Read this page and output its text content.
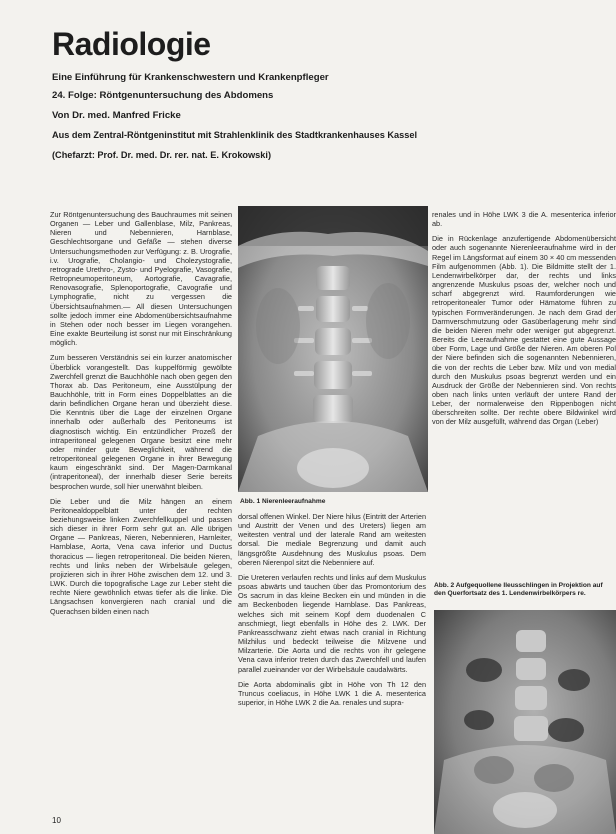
Radiologie

Eine Einführung für Krankenschwestern und Krankenpfleger

24. Folge: Röntgenuntersuchung des Abdomens

Von Dr. med. Manfred Fricke

Aus dem Zentral-Röntgeninstitut mit Strahlenklinik des Stadtkrankenhauses Kassel

(Chefarzt: Prof. Dr. med. Dr. rer. nat. E. Krokowski)

Zur Röntgenuntersuchung des Bauchraumes mit seinen Organen — Leber und Gallenblase, Milz, Pankreas, Nieren und Nebennieren, Harnblase, Geschlechtsorgane und Gefäße — stehen diverse Untersuchungsmethoden zur Verfügung: z. B. Urografie, i.v. Urografie, Cholangio- und Cholezystografie, retrograde Urethro-, Zysto- und Pyelografie, Vasografie, Retropneumoperitoneum, Aortografie, Cavagrafie, Renovasografie, Splenoportografie, Cavografie und Lymphografie, nicht zu vergessen die Übersichtsaufnahmen.— All diesen Untersuchungen sollte jedoch immer eine Abdomenübersichtsaufnahme in Stehen oder noch besser im Liegen vorangehen. Eine exakte Beurteilung ist sonst nur mit Einschränkung möglich.

Zum besseren Verständnis sei ein kurzer anatomischer Überblick vorangestellt. Das kuppelförmig gewölbte Zwerchfell grenzt die Bauchhöhle nach oben gegen den Thorax ab. Das Peritoneum, eine Ausstülpung der Bauchhöhle, tritt in Form eines Doppelblattes an die darin befindlichen Organe heran und überzieht diese. Die Kenntnis über die Lage der einzelnen Organe innerhalb oder außerhalb des Peritoneums ist diagnostisch wichtig. Ein entzündlicher Prozeß der intraperitoneal gelegenen Organe besitzt eine mehr oder minder gute Beweglichkeit, während die retroperitoneal gelegenen Organe in ihrer Bewegung kaum eingeschränkt sind. Der Magen-Darmkanal (intraperitoneal), der innerhalb dieser Serie bereits besprochen wurde, soll hier unerwähnt bleiben.

Die Leber und die Milz hängen an einem Peritonealdoppelblatt unter der rechten beziehungsweise linken Zwerchfellkuppel und passen sich dieser in ihrer Form sehr gut an. Alle übrigen Organe — Pankreas, Nieren, Nebennieren, Harnleiter, Harnblase, Aorta, Vena cava inferior und Ductus thoracicus — liegen retroperitoneal. Die beiden Nieren, rechts und links neben der Wirbelsäule gelegen, projizieren sich in ihrer Höhe zwischen dem 12. und 3. LWK. Durch die topografische Lage zur Leber steht die rechte Niere gewöhnlich etwas tiefer als die linke. Die Längsachsen konvergieren nach cranial und die Querachsen bilden einen nach

Abb. 1 Nierenleeraufnahme

dorsal offenen Winkel. Der Niere hilus (Eintritt der Arterien und Austritt der Venen und des Ureters) liegen am weitesten ventral und der laterale Rand am weitesten dorsal. Die mediale Begrenzung und damit auch längsgrößte Ausdehnung des Muskulus psoas. Dem oberen Nierenpol sitzt die Nebenniere auf.

Die Ureteren verlaufen rechts und links auf dem Muskulus psoas abwärts und tauchen über das Promontorium des Os sacrum in das kleine Becken ein und münden in die am Beckenboden liegende Harnblase. Das Pankreas, welches sich mit seinem Kopf dem duodenalen C anschmiegt, liegt ebenfalls in Höhe des 2. LWK. Der Pankreasschwanz zieht etwas nach cranial in Richtung Milzhilus und bedeckt teilweise die Milzvene und Milzarterie. Die Aorta und die rechts von ihr gelegene Vena cava inferior treten durch das Zwerchfell und laufen parallel zueinander vor der Wirbelsäule caudalwärts.

Die Aorta abdominalis gibt in Höhe von Th 12 den Truncus coeliacus, in Höhe LWK 1 die A. mesenterica superior, in Höhe LWK 2 die Aa. renales und supra-

renales und in Höhe LWK 3 die A. mesenterica inferior ab.

Die in Rückenlage anzufertigende Abdomenübersicht oder auch sogenannte Nierenleeraufnahme wird in der Regel im Längsformat auf einem 30 × 40 cm messenden Film aufgenommen (Abb. 1). Die Bildmitte stellt der 1. Lendenwirbelkörper dar, der rechts und links angrenzende Muskulus psoas der, welcher noch und scharf abgegrenzt wird. Raumforderungen wie retroperitonealer Tumor oder Hämatome führen zu typischen Formveränderungen. Je nach dem Grad der Darmverschmutzung oder Gasüberlagerung mehr sind die beiden Nieren mehr oder weniger gut abgegrenzt. Bereits die Leeraufnahme gestattet eine gute Aussage über Form, Lage und Größe der Nieren. Am oberen Pol der Niere befinden sich die sogenannten Nebennieren, die von der rechts die Leber bzw. Milz und von medial durch den Muskulus psoas begrenzt werden und ein Ausdruck der Größe der Nebennieren sind. Von rechts oben nach links unten verläuft der untere Rand der Leber, der normalerweise den Rippenbogen nicht überschreiten sollte. Der rechte obere Bildwinkel wird von der Milz ausgefüllt, während das Organ (Leber)

Abb. 2 Aufgequollene Ileusschlingen in Projektion auf den Querfortsatz des 1. Lendenwirbelkörpers re.

10
